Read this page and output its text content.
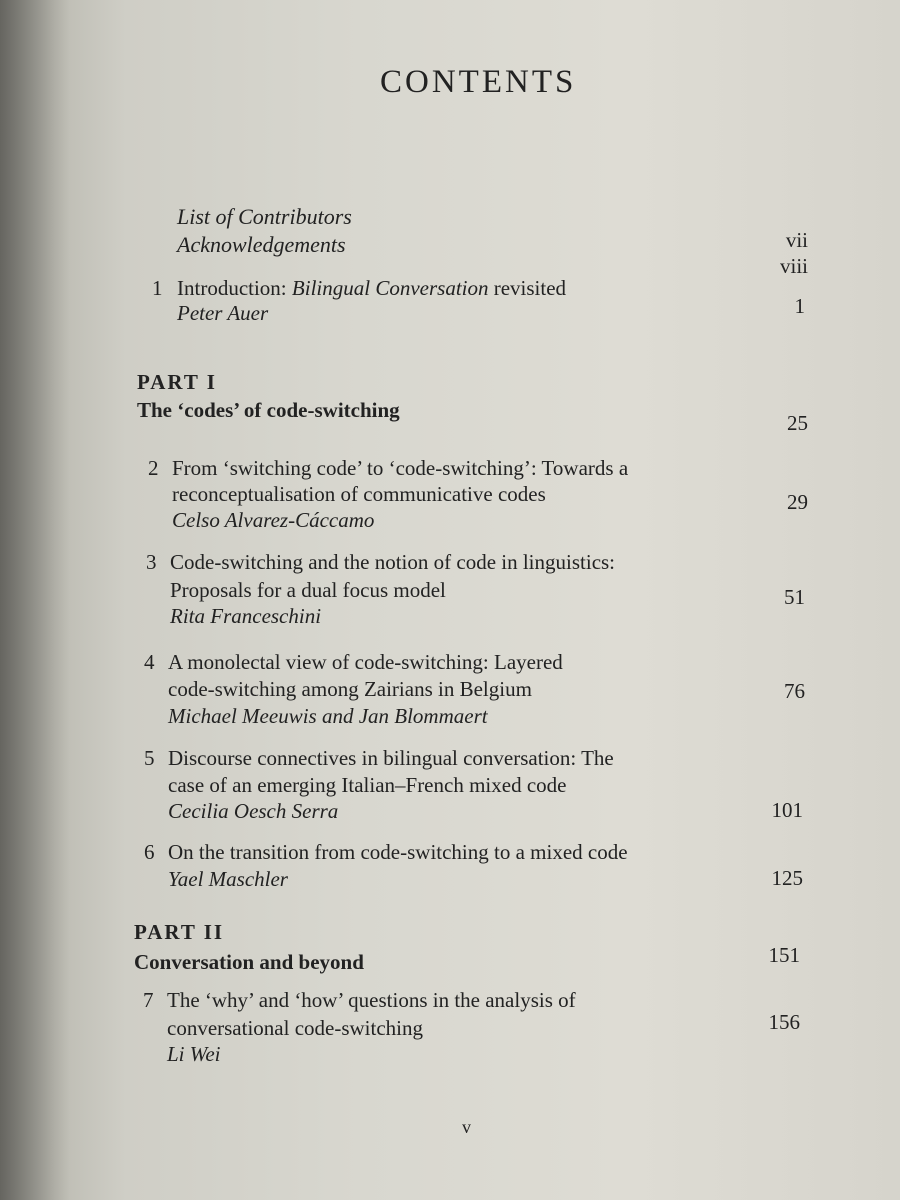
CONTENTS
List of Contributors
vii
Acknowledgements
viii
1 Introduction: Bilingual Conversation revisited
Peter Auer	1
PART I
The ‘codes’ of code-switching
25
2 From ‘switching code’ to ‘code-switching’: Towards a
reconceptualisation of communicative codes
Celso Alvarez-Cáccamo
29
3 Code-switching and the notion of code in linguistics:
Proposals for a dual focus model
Rita Franceschini
51
4 A monolectal view of code-switching: Layered
code-switching among Zairians in Belgium
Michael Meeuwis and Jan Blommaert
76
5 Discourse connectives in bilingual conversation: The
case of an emerging Italian–French mixed code
Cecilia Oesch Serra	101
6 On the transition from code-switching to a mixed code
Yael Maschler	125
PART II
Conversation and beyond	151
7 The ‘why’ and ‘how’ questions in the analysis of
conversational code-switching
Li Wei
156
v
